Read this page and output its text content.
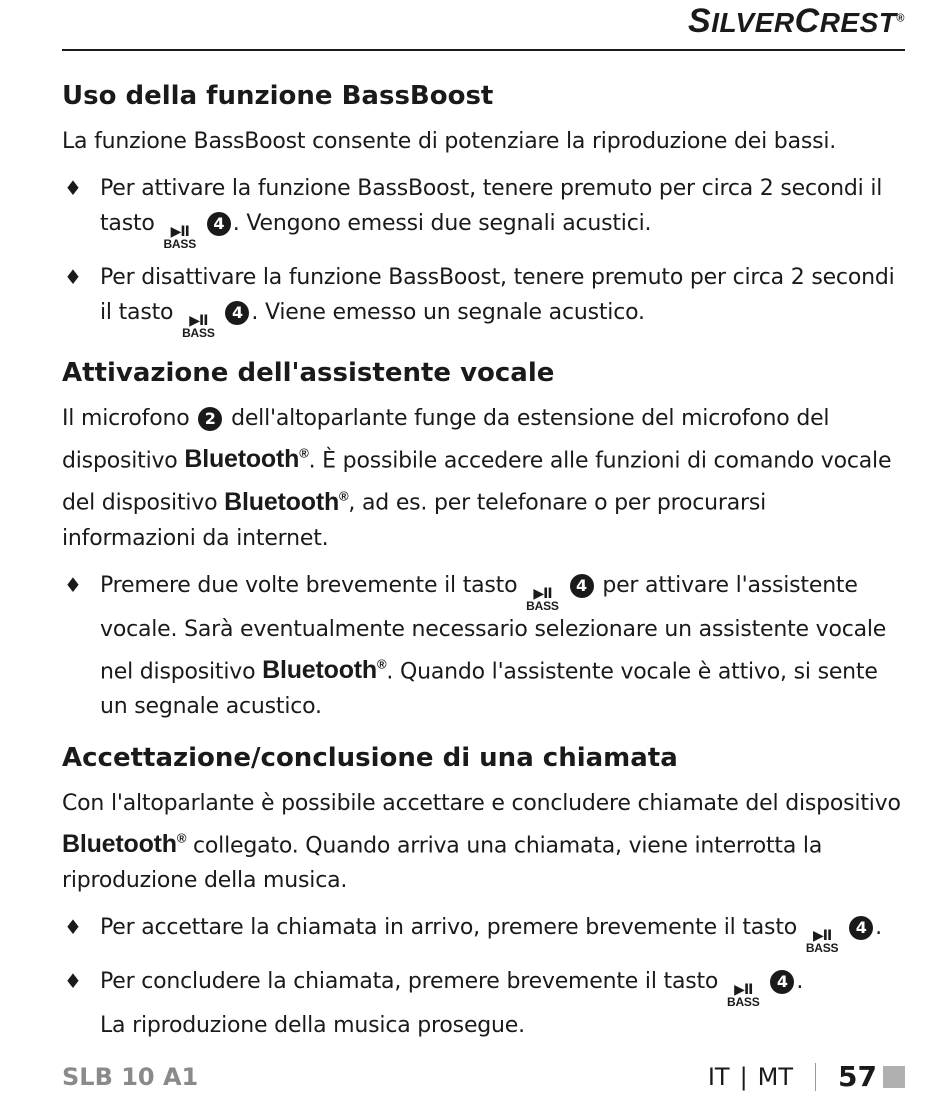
SILVERCREST®
Uso della funzione BassBoost

La funzione BassBoost consente di potenziare la riproduzione dei bassi.

♦ Per attivare la funzione BassBoost, tenere premuto per circa 2 secondi il tasto ▶II
BASS
4 . Vengono emessi due segnali acustici.
♦ Per disattivare la funzione BassBoost, tenere premuto per circa 2 secondi il tasto ▶II
BASS
4 . Viene emesso un segnale acustico.
Attivazione dell'assistente vocale

Il microfono 2 dell'altoparlante funge da estensione del microfono del dispositivo Bluetooth®. È possibile accedere alle funzioni di comando vocale del dispositivo Bluetooth®, ad es. per telefonare o per procurarsi informazioni da internet.

♦ Premere due volte brevemente il tasto ▶II
BASS
4 per attivare l'assistente vocale. Sarà eventualmente necessario selezionare un assistente vocale nel dispositivo Bluetooth®. Quando l'assistente vocale è attivo, si sente un segnale acustico.
Accettazione/conclusione di una chiamata

Con l'altoparlante è possibile accettare e concludere chiamate del dispositivo Bluetooth® collegato. Quando arriva una chiamata, viene interrotta la riproduzione della musica.

♦ Per accettare la chiamata in arrivo, premere brevemente il tasto ▶II
BASS
4 .
♦ Per concludere la chiamata, premere brevemente il tasto ▶II
BASS
4 .
La riproduzione della musica prosegue.
SLB 10 A1	IT | MT 57
